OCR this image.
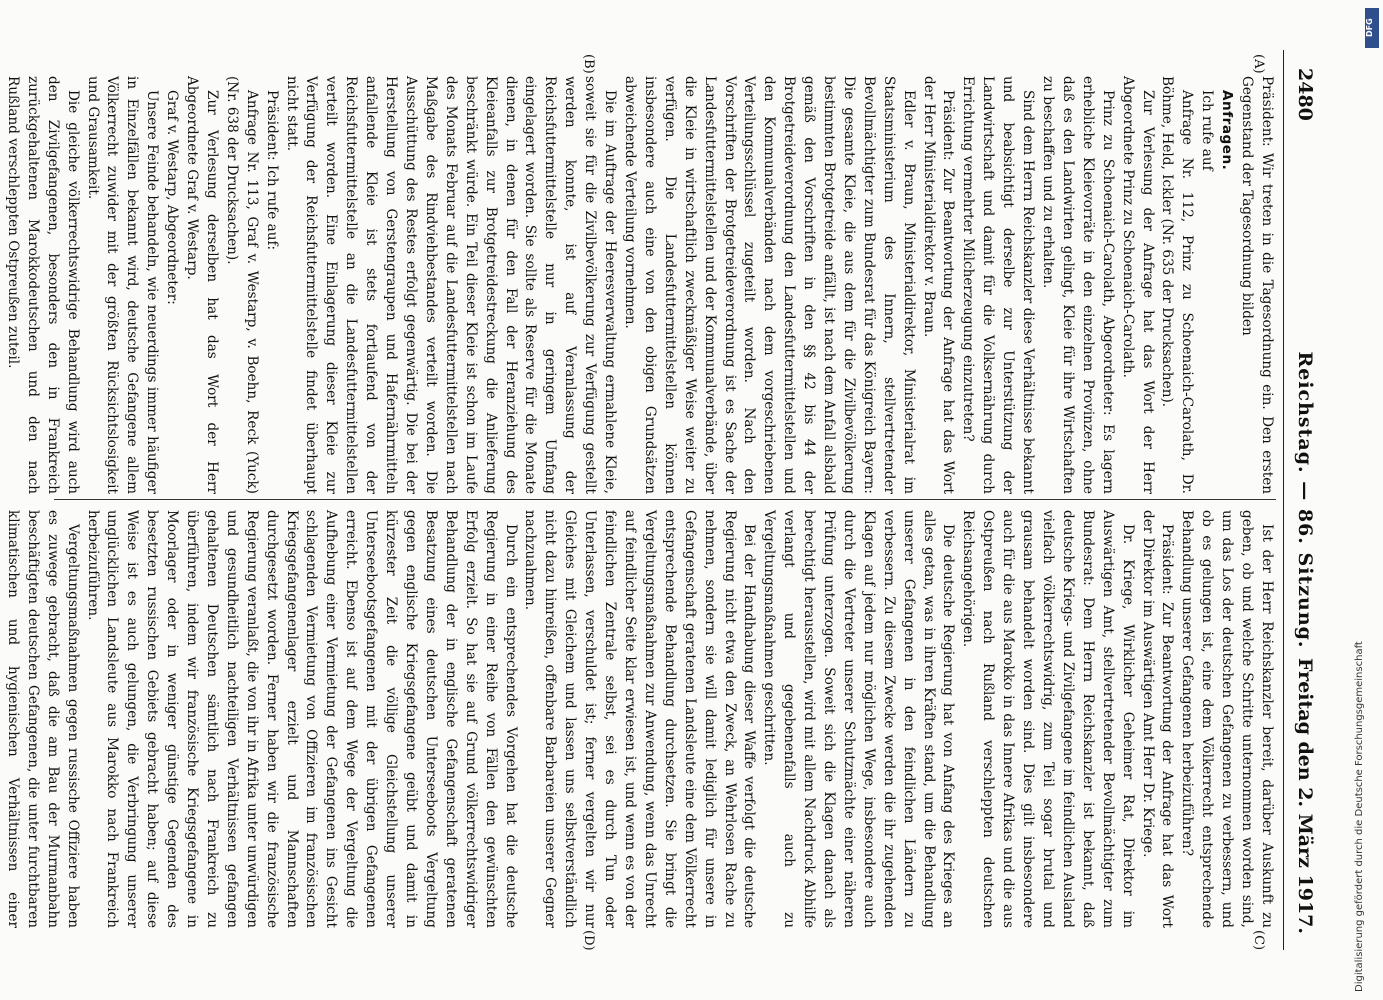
2480
Reichstag. — 86. Sitzung.
Freitag den 2. März 1917.
(A)
(B)
(C)
(D)

Präsident: Wir treten in die Tagesordnung ein. Den ersten Gegenstand der Tagesordnung bilden

Anfragen.

Ich rufe auf

Anfrage Nr. 112, Prinz zu Schoenaich-Carolath, Dr. Böhme, Held, Ickler (Nr. 635 der Drucksachen).

Zur Verlesung der Anfrage hat das Wort der Herr Abgeordnete Prinz zu Schoenaich-Carolath.

Prinz zu Schoenaich-Carolath, Abgeordneter: Es lagern erhebliche Kleievorräte in den einzelnen Provinzen, ohne daß es den Landwirten gelingt, Kleie für ihre Wirtschaften zu beschaffen und zu erhalten.

Sind dem Herrn Reichskanzler diese Verhältnisse bekannt und beabsichtigt derselbe zur Unterstützung der Landwirtschaft und damit für die Volksernährung durch Errichtung vermehrter Milcherzeugung einzutreten?

Präsident: Zur Beantwortung der Anfrage hat das Wort der Herr Ministerialdirektor v. Braun.

Edler v. Braun, Ministerialdirektor, Ministerialrat im Staatsministerium des Innern, stellvertretender Bevollmächtigter zum Bundesrat für das Königreich Bayern: Die gesamte Kleie, die aus dem für die Zivilbevölkerung bestimmten Brotgetreide anfällt, ist nach dem Anfall alsbald gemäß den Vorschriften in den §§ 42 bis 44 der Brotgetreideverordnung den Landesfuttermittelstellen und den Kommunalverbänden nach dem vorgeschriebenen Verteilungsschlüssel zugeteilt worden. Nach den Vorschriften der Brotgetreideverordnung ist es Sache der Landesfuttermittelstellen und der Kommunalverbände, über die Kleie in wirtschaftlich zweckmäßiger Weise weiter zu verfügen. Die Landesfuttermittelstellen können insbesondere auch eine von den obigen Grundsätzen abweichende Verteilung vornehmen.

Die im Auftrage der Heeresverwaltung ermahlene Kleie, soweit sie für die Zivilbevölkerung zur Verfügung gestellt werden konnte, ist auf Veranlassung der Reichsfuttermittelstelle nur in geringem Umfang eingelagert worden. Sie sollte als Reserve für die Monate dienen, in denen für den Fall der Heranziehung des Kleieanfalls zur Brotgetreidestreckung die Anlieferung beschränkt würde. Ein Teil dieser Kleie ist schon im Laufe des Monats Februar auf die Landesfuttermittelstellen nach Maßgabe des Rindviehbestandes verteilt worden. Die Ausschüttung des Restes erfolgt gegenwärtig. Die bei der Herstellung von Gerstengraupen und Hafernährmitteln anfallende Kleie ist stets fortlaufend von der Reichsfuttermittelstelle an die Landesfuttermittelstellen verteilt worden. Eine Einlagerung dieser Kleie zur Verfügung der Reichsfuttermittelstelle findet überhaupt nicht statt.

Präsident: Ich rufe auf:

Anfrage Nr. 113, Graf v. Westarp, v. Boehn, Reck (Yuck) (Nr. 638 der Drucksachen).

Zur Verlesung derselben hat das Wort der Herr Abgeordnete Graf v. Westarp.

Graf v. Westarp, Abgeordneter:

Unsere Feinde behandeln, wie neuerdings immer häufiger in Einzelfällen bekannt wird, deutsche Gefangene allem Völkerrecht zuwider mit der größten Rücksichtslosigkeit und Grausamkeit.

Die gleiche völkerrechtswidrige Behandlung wird auch den Zivilgefangenen, besonders den in Frankreich zurückgehaltenen Marokkodeutschen und den nach Rußland verschleppten Ostpreußen zuteil.

Ist der Herr Reichskanzler bereit, darüber Auskunft zu geben, ob und welche Schritte unternommen worden sind, um das Los der deutschen Gefangenen zu verbessern, und ob es gelungen ist, eine dem Völkerrecht entsprechende Behandlung unserer Gefangenen herbeizuführen?

Präsident: Zur Beantwortung der Anfrage hat das Wort der Direktor im Auswärtigen Amt Herr Dr. Kriege.

Dr. Kriege, Wirklicher Geheimer Rat, Direktor im Auswärtigen Amt, stellvertretender Bevollmächtigter zum Bundesrat: Dem Herrn Reichskanzler ist bekannt, daß deutsche Kriegs- und Zivilgefangene im feindlichen Ausland vielfach völkerrechtswidrig, zum Teil sogar brutal und grausam behandelt worden sind. Dies gilt insbesondere auch für die aus Marokko in das Innere Afrikas und die aus Ostpreußen nach Rußland verschleppten deutschen Reichsangehörigen.

Die deutsche Regierung hat von Anfang des Krieges an alles getan, was in ihren Kräften stand, um die Behandlung unserer Gefangenen in den feindlichen Ländern zu verbessern. Zu diesem Zwecke werden die ihr zugehenden Klagen auf jedem nur möglichen Wege, insbesondere auch durch die Vertreter unserer Schutzmächte einer näheren Prüfung unterzogen. Soweit sich die Klagen danach als berechtigt herausstellen, wird mit allem Nachdruck Abhilfe verlangt und gegebenenfalls auch zu Vergeltungsmaßnahmen geschritten.

Bei der Handhabung dieser Waffe verfolgt die deutsche Regierung nicht etwa den Zweck, an Wehrlosen Rache zu nehmen, sondern sie will damit lediglich für unsere in Gefangenschaft geratenen Landsleute eine dem Völkerrecht entsprechende Behandlung durchsetzen. Sie bringt die Vergeltungsmaßnahmen zur Anwendung, wenn das Unrecht auf feindlicher Seite klar erwiesen ist, und wenn es von der feindlichen Zentrale selbst, sei es durch Tun oder Unterlassen, verschuldet ist; ferner vergelten wir nur Gleiches mit Gleichem und lassen uns selbstverständlich nicht dazu hinreißen, offenbare Barbareien unserer Gegner nachzuahmen.

Durch ein entsprechendes Vorgehen hat die deutsche Regierung in einer Reihe von Fällen den gewünschten Erfolg erzielt. So hat sie auf Grund völkerrechtswidriger Behandlung der in englische Gefangenschaft geratenen Besatzung eines deutschen Unterseeboots Vergeltung gegen englische Kriegsgefangene geübt und damit in kürzester Zeit die völlige Gleichstellung unserer Unterseebootsgefangenen mit der übrigen Gefangenen erreicht. Ebenso ist auf dem Wege der Vergeltung die Aufhebung einer Vermietung der Gefangenen ins Gesicht schlagenden Vermietung von Offizieren im französischen Kriegsgefangenenlager erzielt und Mannschaften durchgesetzt worden. Ferner haben wir die französische Regierung veranlaßt, die von ihr in Afrika unter unwürdigen und gesundheitlich nachteiligen Verhältnissen gefangen gehaltenen Deutschen sämtlich nach Frankreich zu überführen, indem wir französische Kriegsgefangene in Moorlager oder in weniger günstige Gegenden des besetzten russischen Gebiets gebracht haben; auf diese Weise ist es auch gelungen, die Verbringung unserer unglücklichen Landsleute aus Marokko nach Frankreich herbeizuführen.

Vergeltungsmaßnahmen gegen russische Offiziere haben es zuwege gebracht, daß die am Bau der Murmanbahn beschäftigten deutschen Gefangenen, die unter furchtbaren klimatischen und hygienischen Verhältnissen einer	Digitalisierung gefördert durch die Deutsche Forschungsgemeinschaft
DFG
